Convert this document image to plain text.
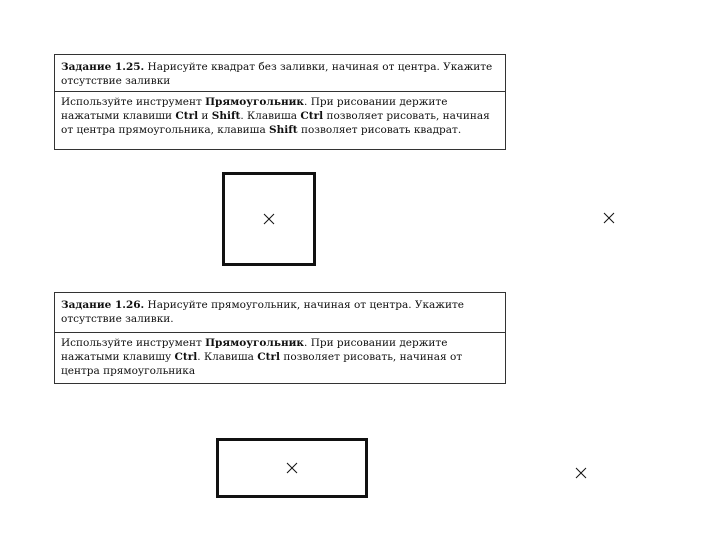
Задание 1.25. Нарисуйте квадрат без заливки, начиная от центра. Укажите отсутствие заливки
Используйте инструмент Прямоугольник. При рисовании держите нажатыми клавиши Ctrl и Shift. Клавиша Ctrl позволяет рисовать, начиная от центра прямоугольника, клавиша Shift позволяет рисовать квадрат.
Задание 1.26. Нарисуйте прямоугольник, начиная от центра. Укажите отсутствие заливки.
Используйте инструмент Прямоугольник. При рисовании держите нажатыми клавишу Ctrl. Клавиша Ctrl позволяет рисовать, начиная от центра прямоугольника
